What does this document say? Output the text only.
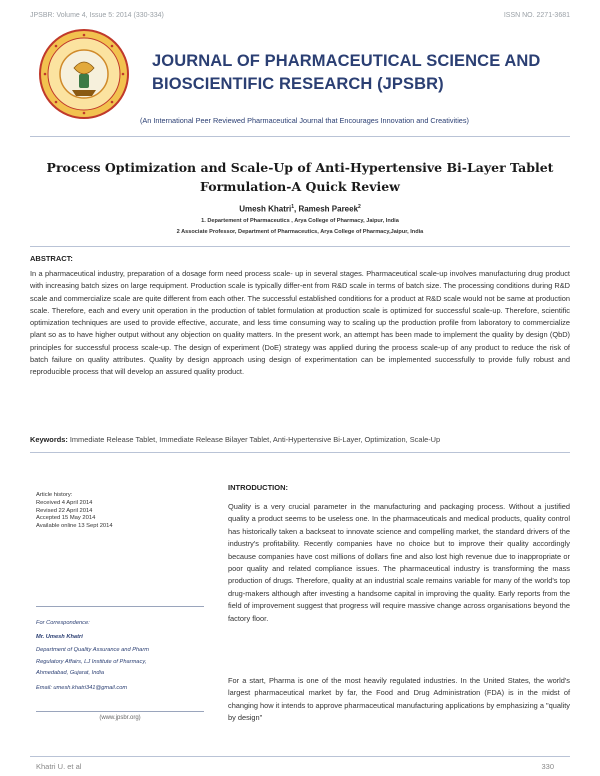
JPSBR: Volume 4, Issue 5: 2014 (330-334)	ISSN NO. 2271-3681
JOURNAL OF PHARMACEUTICAL SCIENCE AND
BIOSCIENTIFIC RESEARCH (JPSBR)
(An International Peer Reviewed Pharmaceutical Journal that Encourages Innovation and Creativities)
Process Optimization and Scale-Up of Anti-Hypertensive Bi-Layer Tablet
Formulation-A Quick Review
Umesh Khatri$^1$, Ramesh Pareek$^2$
1. Departement of Pharmaceutics , Arya College of Pharmacy, Jaipur, India
2 Associate Professor, Department of Pharmaceutics, Arya College of Pharmacy,Jaipur, India
ABSTRACT:
In a pharmaceutical industry, preparation of a dosage form need process scale- up in several stages. Pharmaceutical scale-up involves manufacturing drug product with increasing batch sizes on large requipment. Production scale is typically differ-ent from R&D scale in terms of batch size. The processing conditions during R&D scale and commercialize scale are quite different from each other. The successful established conditions for a product at R&D scale would not be same at production scale. Therefore, each and every unit operation in the production of tablet formulation at production scale is optimized for successful scale-up. Therefore, scientific optimization techniques are used to provide effective, accurate, and less time consuming way to scaling up the production profile from laboratory to commercialize plant so as to have higher output without any objection on quality matters. In the present work, an attempt has been made to implement the quality by design (QbD) principles for successful process scale-up. The design of experiment (DoE) strategy was applied during the process scale-up of any product to reduce the risk of batch failure on quality attributes. Quality by design approach using design of experimentation can be implemented successfully to provide fully robust and reproducible process that will develop an assured quality product.
Keywords: Immediate Release Tablet, Immediate Release Bilayer Tablet, Anti-Hypertensive Bi-Layer, Optimization, Scale-Up
Article history:
Received 4 April 2014
Revised 22 April 2014
Accepted 15 May 2014
Available online 13 Sept 2014
For Correspondence:
Mr. Umesh Khatri
Department of Quality Assurance and Pharm
Regulatory Affairs, LJ Institute of Pharmacy,
Ahmedabad, Gujarat, India
Email: umesh.khatri341@gmail.com
(www.jpsbr.org)
INTRODUCTION:
Quality is a very crucial parameter in the manufacturing and packaging process. Without a justified quality a product seems to be useless one. In the pharmaceuticals and medical products, quality control has historically taken a backseat to innovate science and compelling market, the standard drivers of the industry's profitability. Recently companies have no choice but to improve their quality accordingly because companies have cost millions of dollars fine and also lost high revenue due to inappropriate or poor quality and related compliance issues. The pharmaceutical industry is transforming the mass production of drugs. Therefore, quality at an industrial scale remains variable for many of the world's top drug-makers although after investing a handsome capital in improving the quality. Early reports from the field of improvement suggest that progress will require massive change across organisations beyond the factory floor.
For a start, Pharma is one of the most heavily regulated industries. In the United States, the world's largest pharmaceutical market by far, the Food and Drug Administration (FDA) is in the midst of changing how it intends to approve pharmaceutical manufacturing applications by emphasizing a "quality by design"
Khatri U. et al	330
